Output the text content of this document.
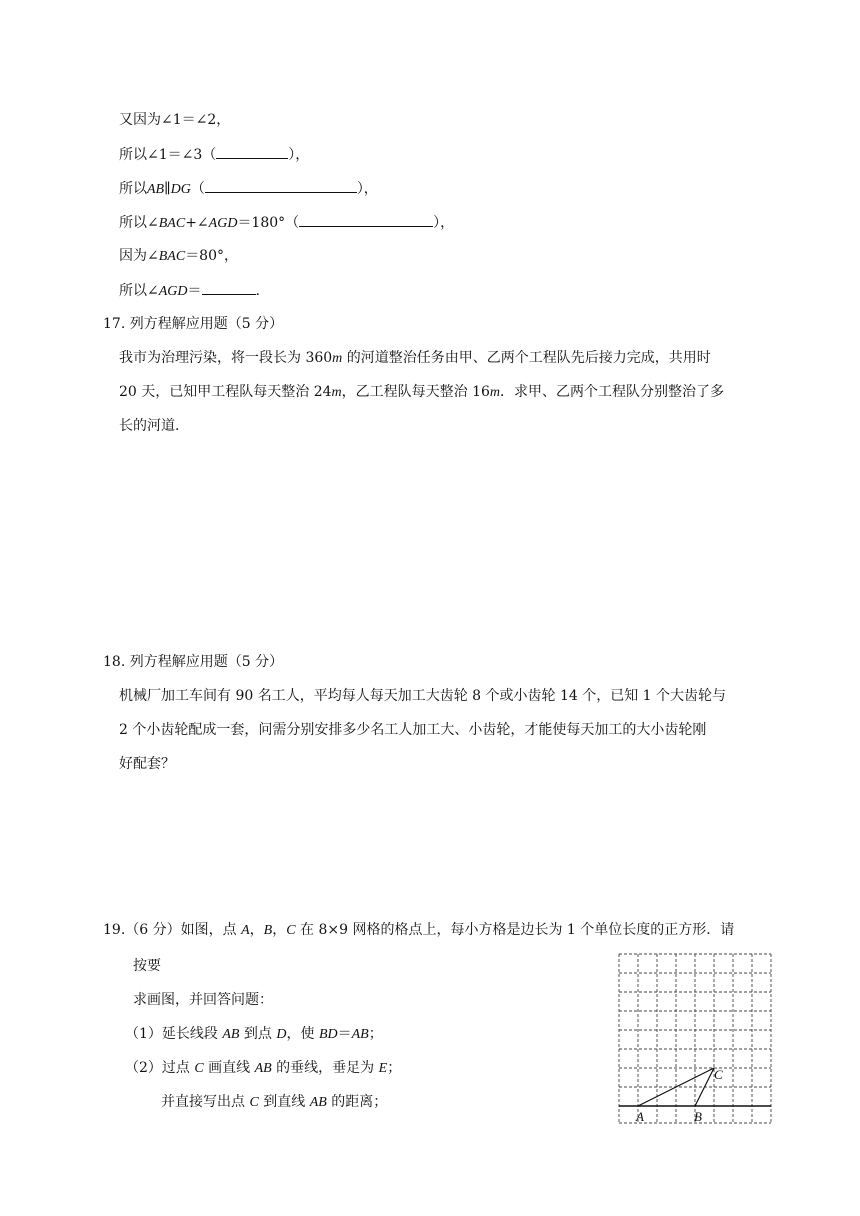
又因为∠1＝∠2，
所以∠1＝∠3（	），
所以AB∥DG（	），
所以∠BAC+∠AGD＝180°（	），
因为∠BAC＝80°，
所以∠AGD＝	.
17. 列方程解应用题（5 分）
我市为治理污染，将一段长为 360m 的河道整治任务由甲、乙两个工程队先后接力完成，共用时
20 天，已知甲工程队每天整治 24m，乙工程队每天整治 16m．求甲、乙两个工程队分别整治了多
长的河道.
18. 列方程解应用题（5 分）
机械厂加工车间有 90 名工人，平均每人每天加工大齿轮 8 个或小齿轮 14 个，已知 1 个大齿轮与
2 个小齿轮配成一套，问需分别安排多少名工人加工大、小齿轮，才能使每天加工的大小齿轮刚
好配套？
19.（6 分）如图，点 A，B，C 在 8×9 网格的格点上，每小方格是边长为 1 个单位长度的正方形．请
按要
求画图，并回答问题：
（1）延长线段 AB 到点 D，使 BD＝AB；
（2）过点 C 画直线 AB 的垂线，垂足为 E；
并直接写出点 C 到直线 AB 的距离；
A	B
C
